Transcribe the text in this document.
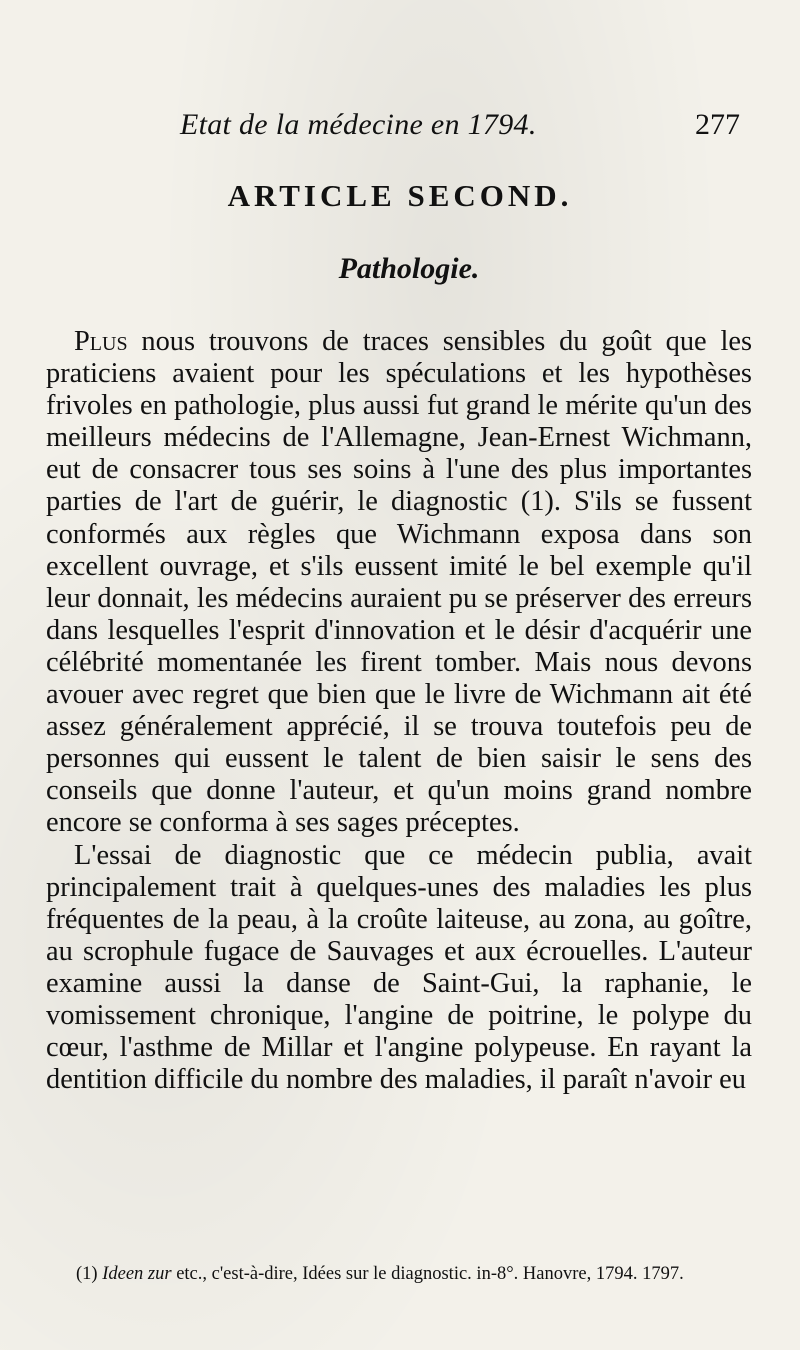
Etat de la médecine en 1794.	277
ARTICLE SECOND.
Pathologie.

Plus nous trouvons de traces sensibles du goût que les praticiens avaient pour les spéculations et les hypothèses frivoles en pathologie, plus aussi fut grand le mérite qu'un des meilleurs médecins de l'Allemagne, Jean-Ernest Wichmann, eut de consacrer tous ses soins à l'une des plus importantes parties de l'art de guérir, le diagnostic (1). S'ils se fussent conformés aux règles que Wichmann exposa dans son excellent ouvrage, et s'ils eussent imité le bel exemple qu'il leur donnait, les médecins auraient pu se préserver des erreurs dans lesquelles l'esprit d'innovation et le désir d'acquérir une célébrité momentanée les firent tomber. Mais nous devons avouer avec regret que bien que le livre de Wichmann ait été assez généralement apprécié, il se trouva toutefois peu de personnes qui eussent le talent de bien saisir le sens des conseils que donne l'auteur, et qu'un moins grand nombre encore se conforma à ses sages préceptes.

L'essai de diagnostic que ce médecin publia, avait principalement trait à quelques-unes des maladies les plus fréquentes de la peau, à la croûte laiteuse, au zona, au goître, au scrophule fugace de Sauvages et aux écrouelles. L'auteur examine aussi la danse de Saint-Gui, la raphanie, le vomissement chronique, l'angine de poitrine, le polype du cœur, l'asthme de Millar et l'angine polypeuse. En rayant la dentition difficile du nombre des maladies, il paraît n'avoir eu

(1) Ideen zur etc., c'est-à-dire, Idées sur le diagnostic. in-8°. Hanovre, 1794. 1797.
